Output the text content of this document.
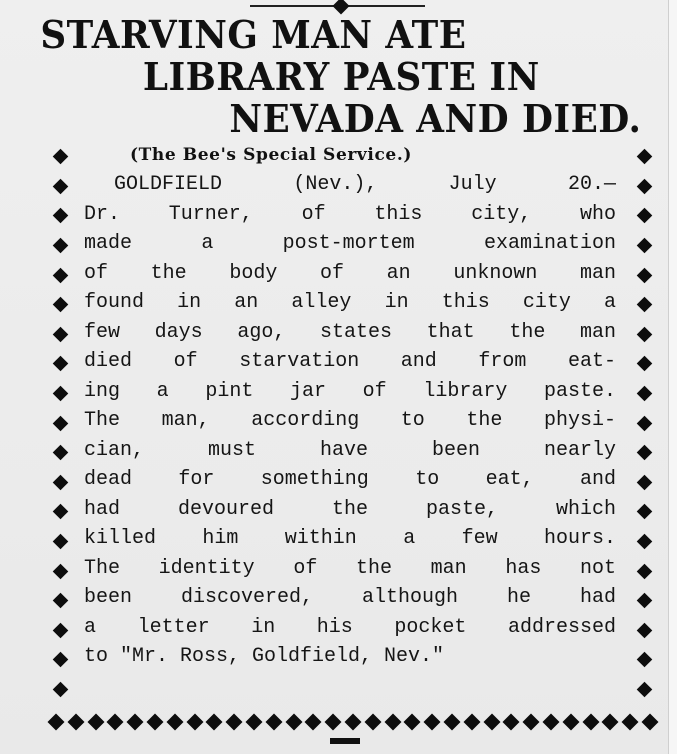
STARVING MAN ATE
LIBRARY PASTE IN
NEVADA AND DIED.
(The Bee's Special Service.)
GOLDFIELD (Nev.), July 20.—
Dr. Turner, of this city, who
made a post-mortem examination
of the body of an unknown man
found in an alley in this city a
few days ago, states that the man
died of starvation and from eat-
ing a pint jar of library paste.
The man, according to the physi-
cian, must have been nearly
dead for something to eat, and
had devoured the paste, which
killed him within a few hours.
The identity of the man has not
been discovered, although he had
a letter in his pocket addressed
to "Mr. Ross, Goldfield, Nev."
